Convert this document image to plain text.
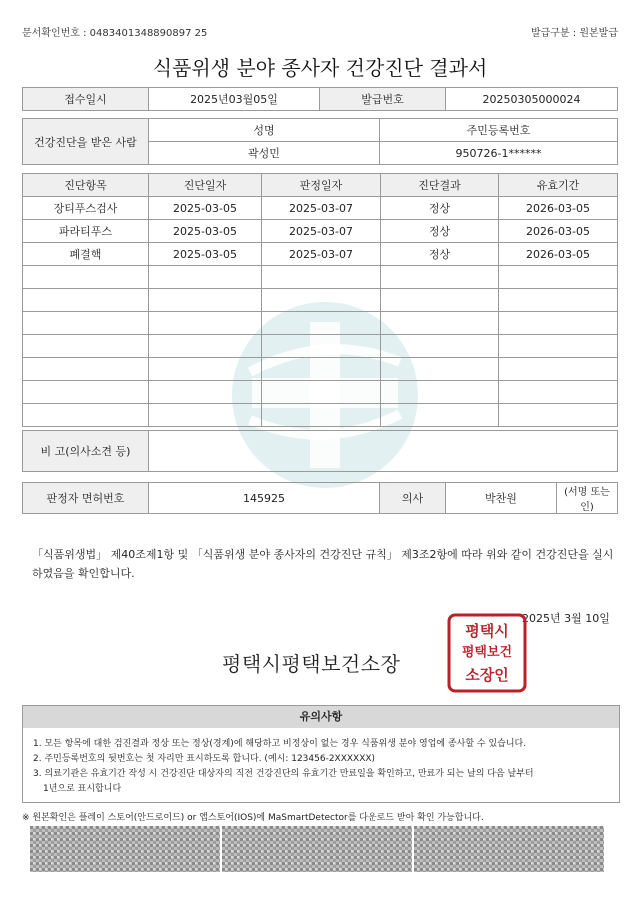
문서확인번호 : 0483401348890897 25	발급구분 : 원본발급
식품위생 분야 종사자 건강진단 결과서
접수일시	2025년03월05일	발급번호	20250305000024
건강진단을 받은 사람	성명	주민등록번호
	곽성민	950726-1******
진단항목	진단일자	판정일자	진단결과	유효기간
장티푸스검사	2025-03-05	2025-03-07	정상	2026-03-05
파라티푸스	2025-03-05	2025-03-07	정상	2026-03-05
폐결핵	2025-03-05	2025-03-07	정상	2026-03-05

비 고(의사소견 등)	
판정자 면허번호	145925	의사	박찬원	(서명 또는 인)
「식품위생법」 제40조제1항 및 「식품위생 분야 종사자의 건강진단 규칙」 제3조2항에 따라 위와 같이 건강진단을 실시하였음을 확인합니다.
2025년 3월 10일
평택시평택보건소장
평택시
평택보건
소장인
유의사항
1. 모든 항목에 대한 검진결과 정상 또는 정상(경계)에 해당하고 비정상이 없는 경우 식품위생 분야 영업에 종사할 수 있습니다.
2. 주민등록번호의 뒷번호는 첫 자리만 표시하도록 합니다. (예시: 123456-2XXXXXX)
3. 의료기관은 유효기간 작성 시 건강진단 대상자의 직전 건강진단의 유효기간 만료일을 확인하고, 만료가 되는 날의 다음 날부터
1년으로 표시합니다
※ 원본확인은 플레이 스토어(안드로이드) or 앱스토어(IOS)에 MaSmartDetector를 다운로드 받아 확인 가능합니다.
